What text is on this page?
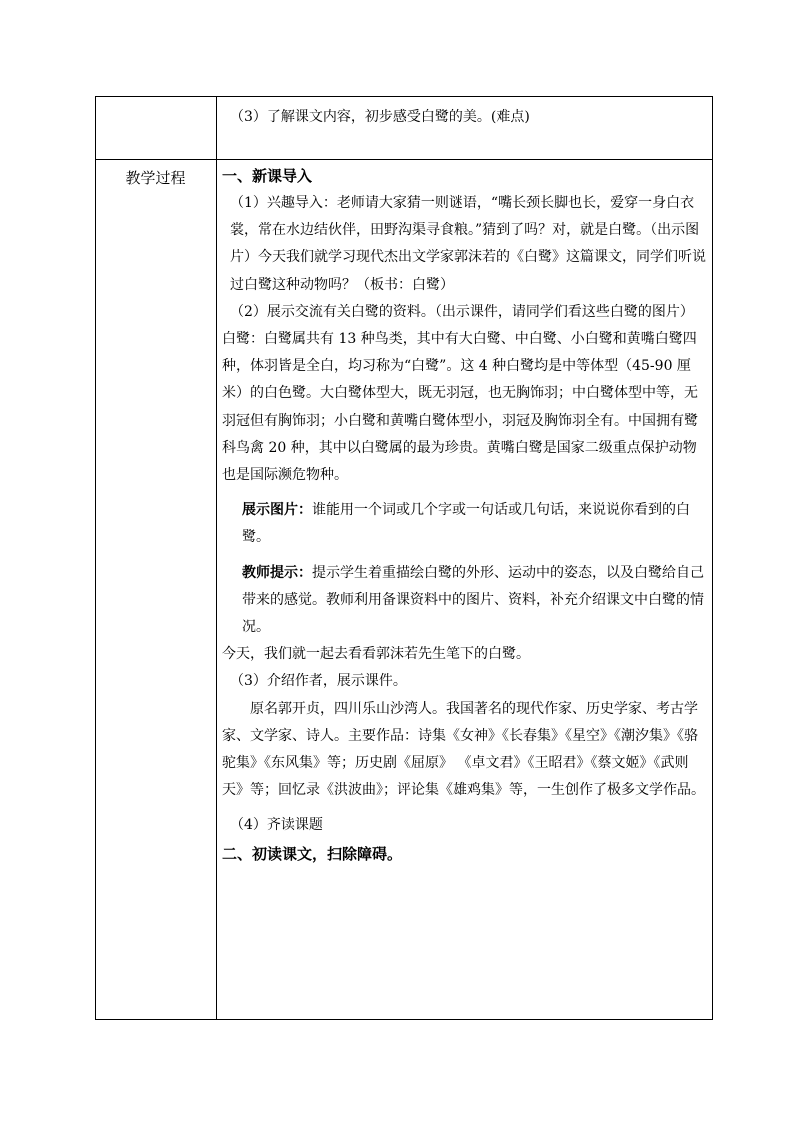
（3）了解课文内容，初步感受白鹭的美。(难点)

教学过程	一、新课导入

（1）兴趣导入：老师请大家猜一则谜语，“嘴长颈长脚也长，爱穿一身白衣裳，常在水边结伙伴，田野沟渠寻食粮。”猜到了吗？对，就是白鹭。（出示图片）今天我们就学习现代杰出文学家郭沫若的《白鹭》这篇课文，同学们听说过白鹭这种动物吗？（板书：白鹭）

（2）展示交流有关白鹭的资料。（出示课件，请同学们看这些白鹭的图片）

白鹭：白鹭属共有 13 种鸟类，其中有大白鹭、中白鹭、小白鹭和黄嘴白鹭四种，体羽皆是全白，均习称为“白鹭”。这 4 种白鹭均是中等体型（45-90 厘米）的白色鹭。大白鹭体型大，既无羽冠，也无胸饰羽；中白鹭体型中等，无羽冠但有胸饰羽；小白鹭和黄嘴白鹭体型小，羽冠及胸饰羽全有。中国拥有鹭科鸟禽 20 种，其中以白鹭属的最为珍贵。黄嘴白鹭是国家二级重点保护动物也是国际濒危物种。

展示图片：谁能用一个词或几个字或一句话或几句话，来说说你看到的白鹭。

教师提示：提示学生着重描绘白鹭的外形、运动中的姿态，以及白鹭给自己带来的感觉。教师利用备课资料中的图片、资料，补充介绍课文中白鹭的情况。

今天，我们就一起去看看郭沫若先生笔下的白鹭。

（3）介绍作者，展示课件。

原名郭开贞，四川乐山沙湾人。我国著名的现代作家、历史学家、考古学家、文学家、诗人。主要作品：诗集《女神》《长春集》《星空》《潮汐集》《骆驼集》《东风集》等；历史剧《屈原》 《卓文君》《王昭君》《蔡文姬》《武则天》等；回忆录《洪波曲》；评论集《雄鸡集》等，一生创作了极多文学作品。

（4）齐读课题

二、初读课文，扫除障碍。
